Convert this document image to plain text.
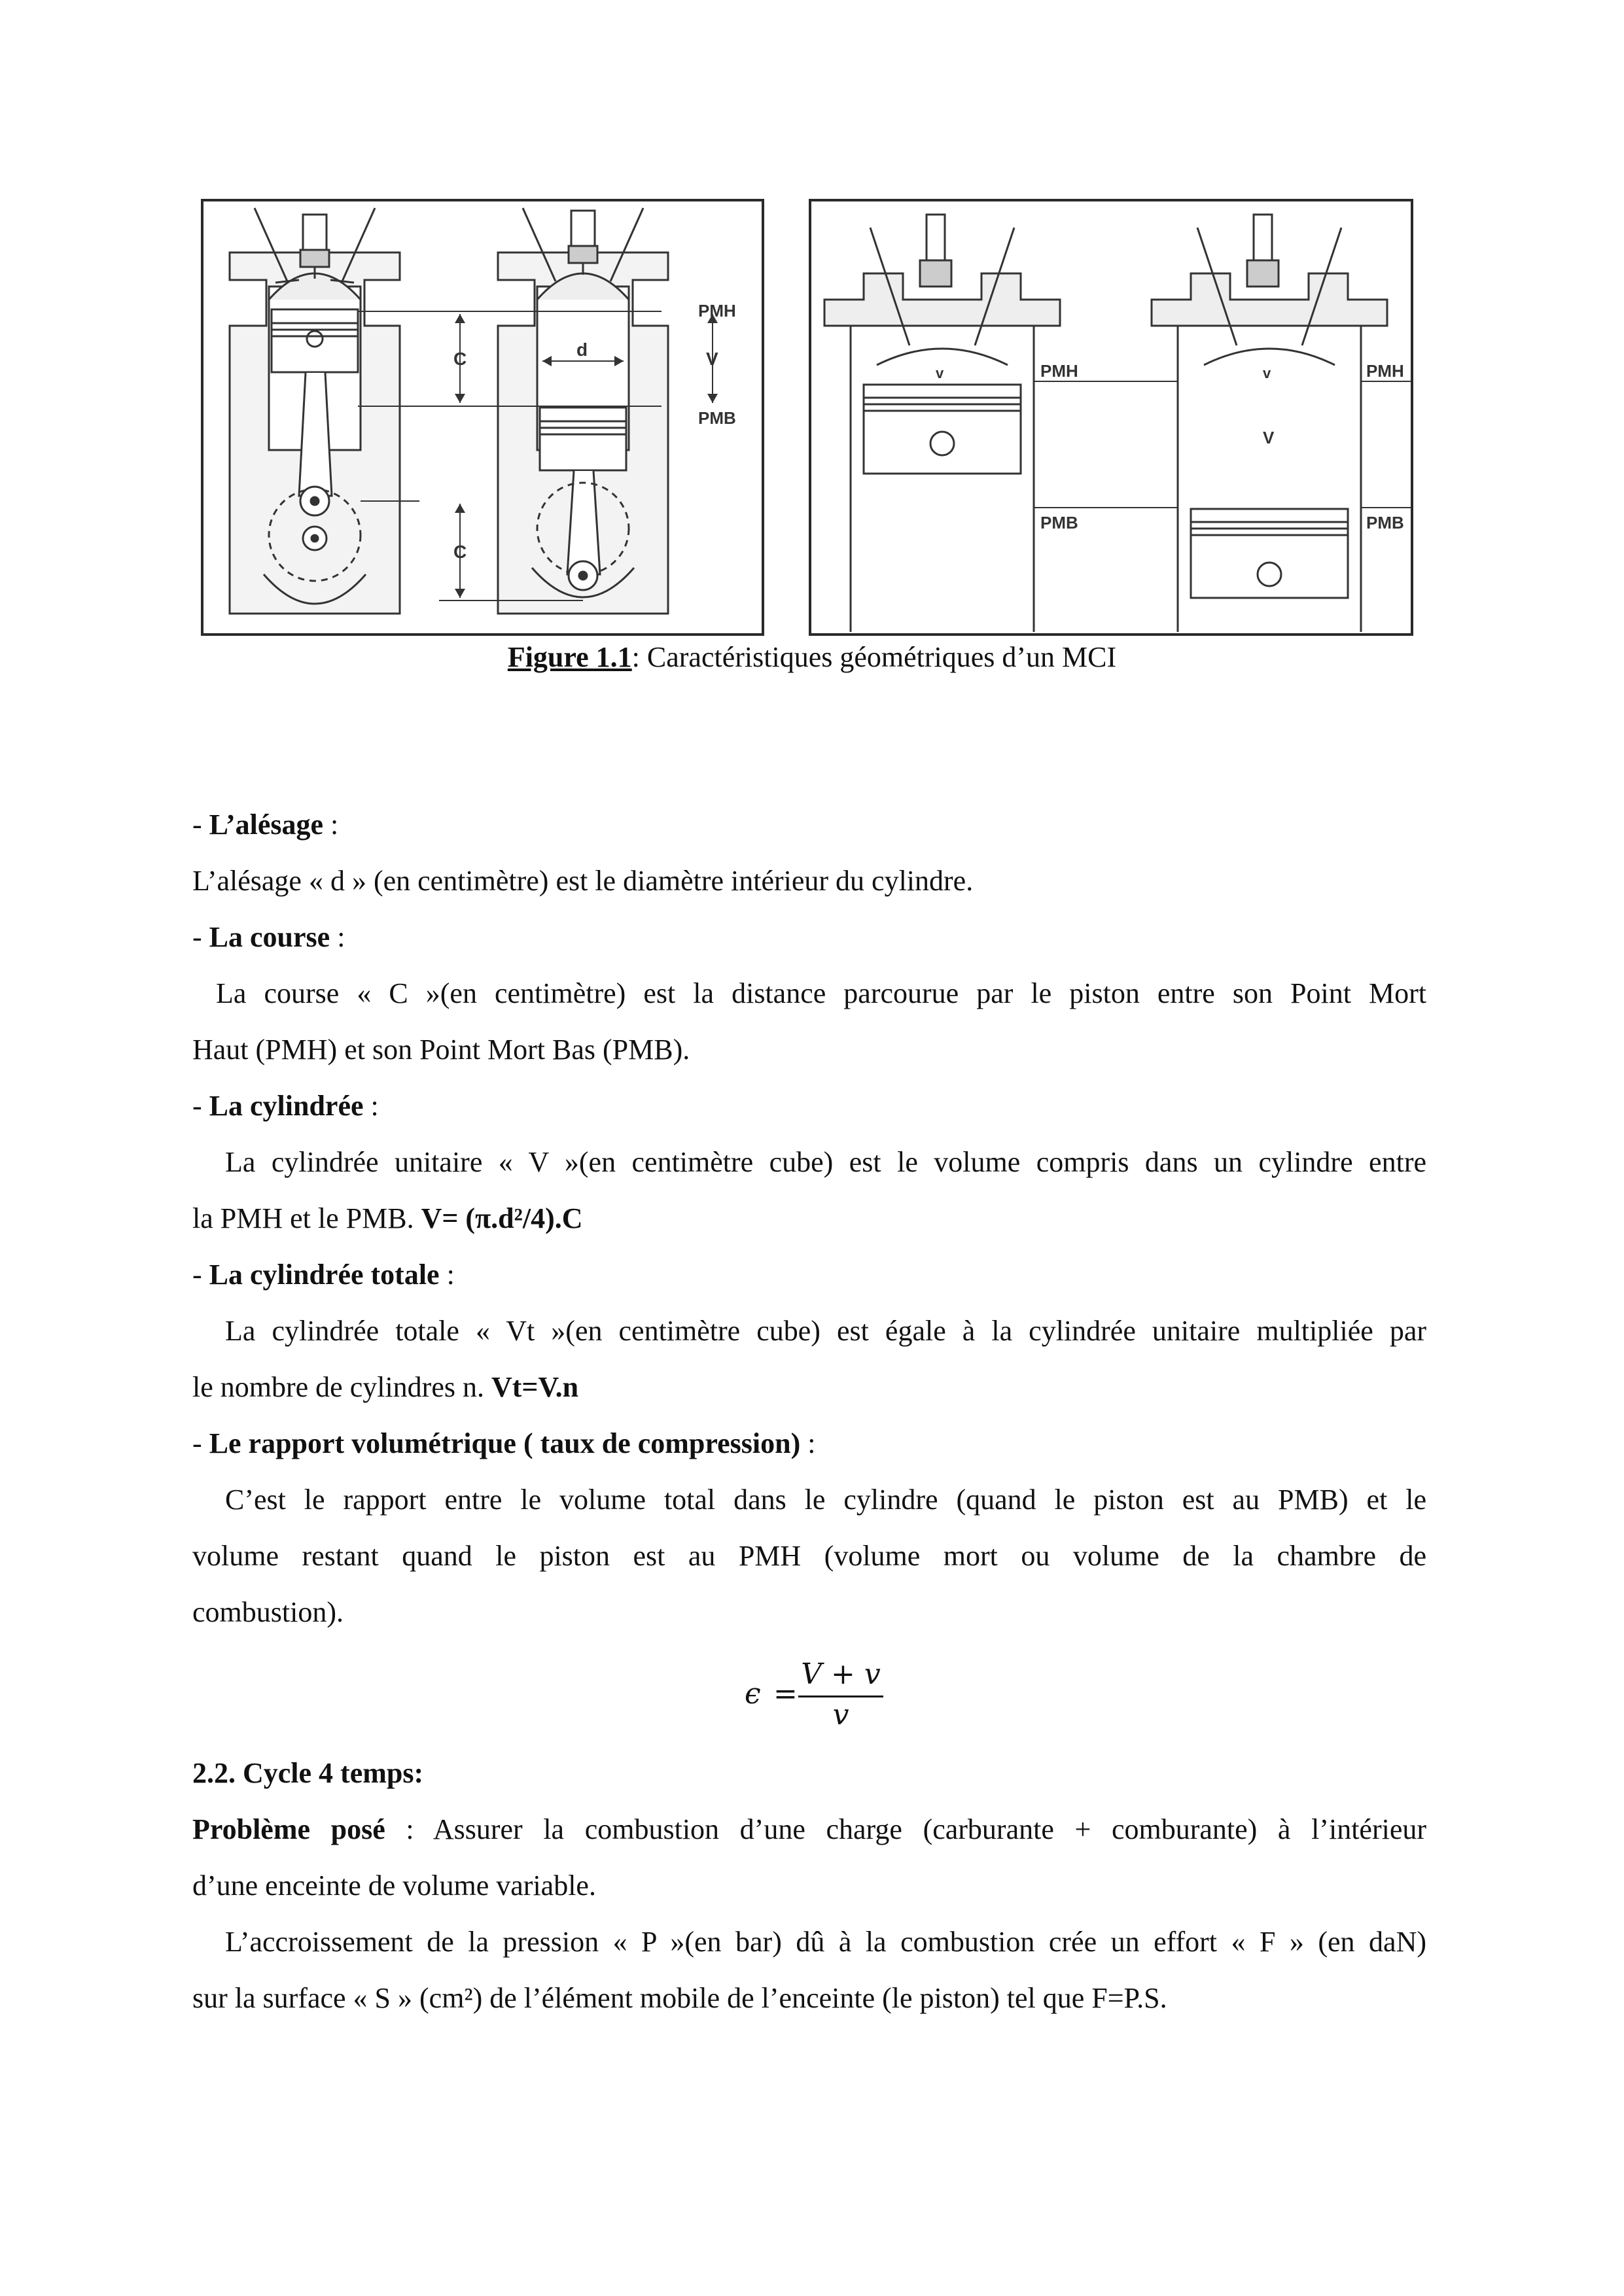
C
C
V
d
PMH
PMB
v	v
V
PMH
PMB
PMH
PMB
Figure 1.1: Caractéristiques géométriques d’un MCI
- L’alésage :
L’alésage « d » (en centimètre) est le diamètre intérieur du cylindre.
- La course :
La course « C »(en centimètre) est la distance parcourue par le piston entre son Point Mort
Haut (PMH) et son Point Mort Bas (PMB).
- La cylindrée :
La cylindrée unitaire « V »(en centimètre cube) est le volume compris dans un cylindre entre
la PMH et le PMB. V= (π.d²/4).C
- La cylindrée totale :
La cylindrée totale « Vt »(en centimètre cube) est égale à la cylindrée unitaire multipliée par
le nombre de cylindres n. Vt=V.n
- Le rapport volumétrique ( taux de compression) :
C’est le rapport entre le volume total dans le cylindre (quand le piston est au PMB) et le
volume restant quand le piston est au PMH (volume mort ou volume de la chambre de
combustion).
ϵ =
V + v
v
2.2. Cycle 4 temps:
Problème posé : Assurer la combustion d’une charge (carburante + comburante) à l’intérieur
d’une enceinte de volume variable.
L’accroissement de la pression « P »(en bar) dû à la combustion crée un effort « F » (en daN)
sur la surface « S » (cm²) de l’élément mobile de l’enceinte (le piston) tel que F=P.S.
